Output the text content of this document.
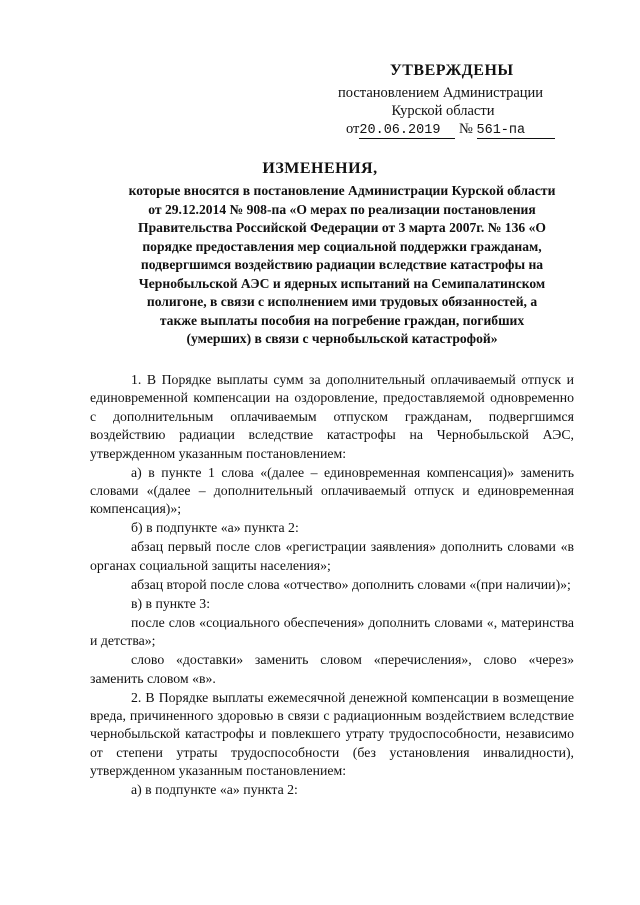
УТВЕРЖДЕНЫ
постановлением Администрации
Курской области
от20.06.2019 № 561-па
ИЗМЕНЕНИЯ,
которые вносятся в постановление Администрации Курской области от 29.12.2014 № 908-па «О мерах по реализации постановления Правительства Российской Федерации от 3 марта 2007г. № 136 «О порядке предоставления мер социальной поддержки гражданам, подвергшимся воздействию радиации вследствие катастрофы на Чернобыльской АЭС и ядерных испытаний на Семипалатинском полигоне, в связи с исполнением ими трудовых обязанностей, а также выплаты пособия на погребение граждан, погибших (умерших) в связи с чернобыльской катастрофой»

1. В Порядке выплаты сумм за дополнительный оплачиваемый отпуск и единовременной компенсации на оздоровление, предоставляемой одновременно с дополнительным оплачиваемым отпуском гражданам, подвергшимся воздействию радиации вследствие катастрофы на Чернобыльской АЭС, утвержденном указанным постановлением:

а) в пункте 1 слова «(далее – единовременная компенсация)» заменить словами «(далее – дополнительный оплачиваемый отпуск и единовременная компенсация)»;

б) в подпункте «а» пункта 2:

абзац первый после слов «регистрации заявления» дополнить словами «в органах социальной защиты населения»;

абзац второй после слова «отчество» дополнить словами «(при наличии)»;

в) в пункте 3:

после слов «социального обеспечения» дополнить словами «, материнства и детства»;

слово «доставки» заменить словом «перечисления», слово «через» заменить словом «в».

2. В Порядке выплаты ежемесячной денежной компенсации в возмещение вреда, причиненного здоровью в связи с радиационным воздействием вследствие чернобыльской катастрофы и повлекшего утрату трудоспособности, независимо от степени утраты трудоспособности (без установления инвалидности), утвержденном указанным постановлением:

а) в подпункте «а» пункта 2:
